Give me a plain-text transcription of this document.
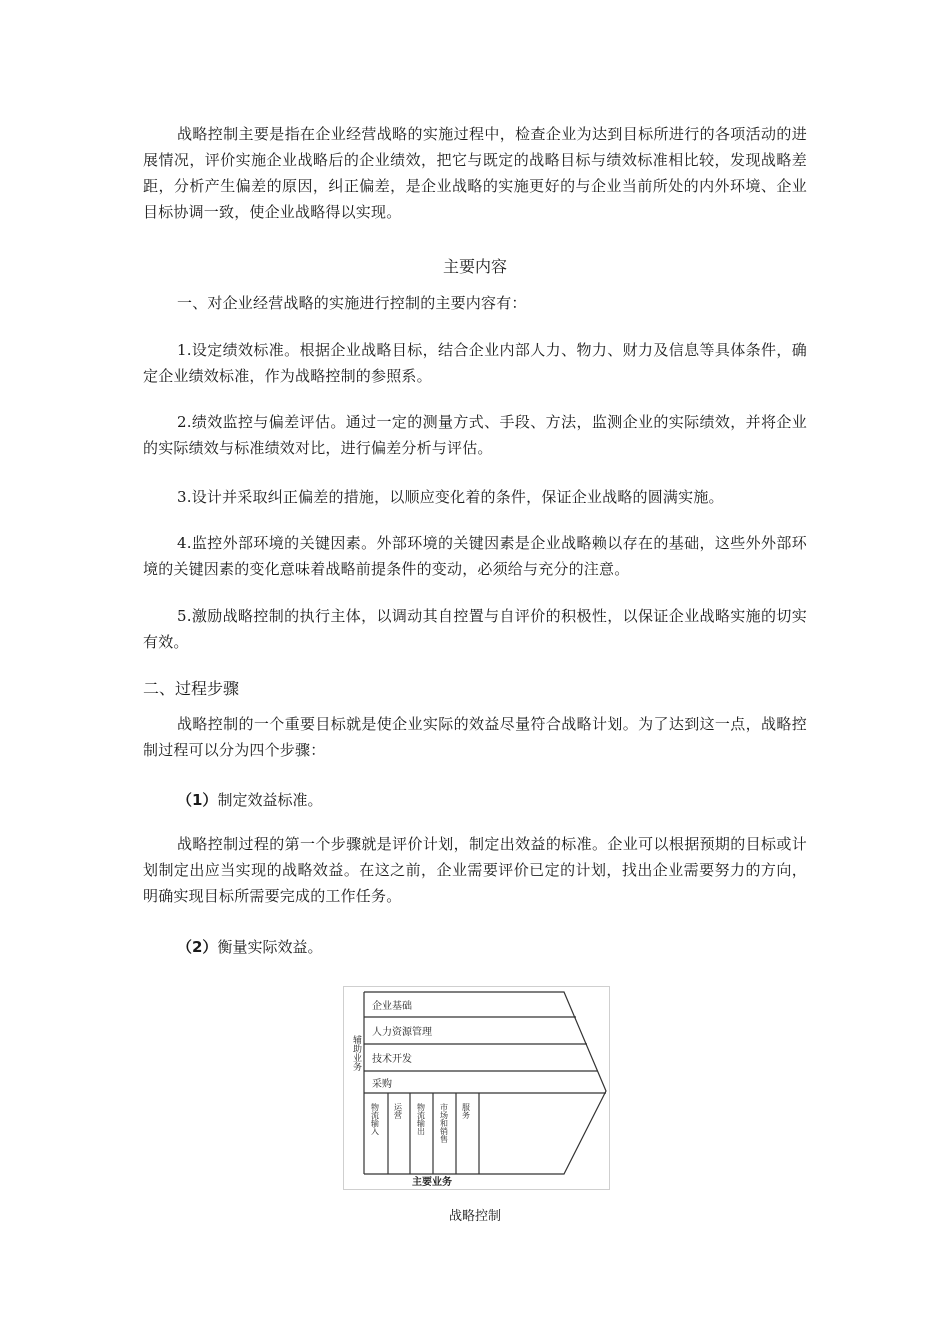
战略控制主要是指在企业经营战略的实施过程中，检查企业为达到目标所进行的各项活动的进展情况，评价实施企业战略后的企业绩效，把它与既定的战略目标与绩效标准相比较，发现战略差距，分析产生偏差的原因，纠正偏差，是企业战略的实施更好的与企业当前所处的内外环境、企业目标协调一致，使企业战略得以实现。

主要内容

一、对企业经营战略的实施进行控制的主要内容有：

1.设定绩效标准。根据企业战略目标，结合企业内部人力、物力、财力及信息等具体条件，确定企业绩效标准，作为战略控制的参照系。

2.绩效监控与偏差评估。通过一定的测量方式、手段、方法，监测企业的实际绩效，并将企业的实际绩效与标准绩效对比，进行偏差分析与评估。

3.设计并采取纠正偏差的措施，以顺应变化着的条件，保证企业战略的圆满实施。

4.监控外部环境的关键因素。外部环境的关键因素是企业战略赖以存在的基础，这些外外部环境的关键因素的变化意味着战略前提条件的变动，必须给与充分的注意。

5.激励战略控制的执行主体，以调动其自控置与自评价的积极性，以保证企业战略实施的切实有效。

二、过程步骤

战略控制的一个重要目标就是使企业实际的效益尽量符合战略计划。为了达到这一点，战略控制过程可以分为四个步骤：

（1）制定效益标准。

战略控制过程的第一个步骤就是评价计划，制定出效益的标准。企业可以根据预期的目标或计划制定出应当实现的战略效益。在这之前，企业需要评价已定的计划，找出企业需要努力的方向，明确实现目标所需要完成的工作任务。

（2）衡量实际效益。
企业基础
人力资源管理
技术开发
采购
辅助业务
物流输入 运营 物流输出 市场和销售 服务
主要业务
战略控制
